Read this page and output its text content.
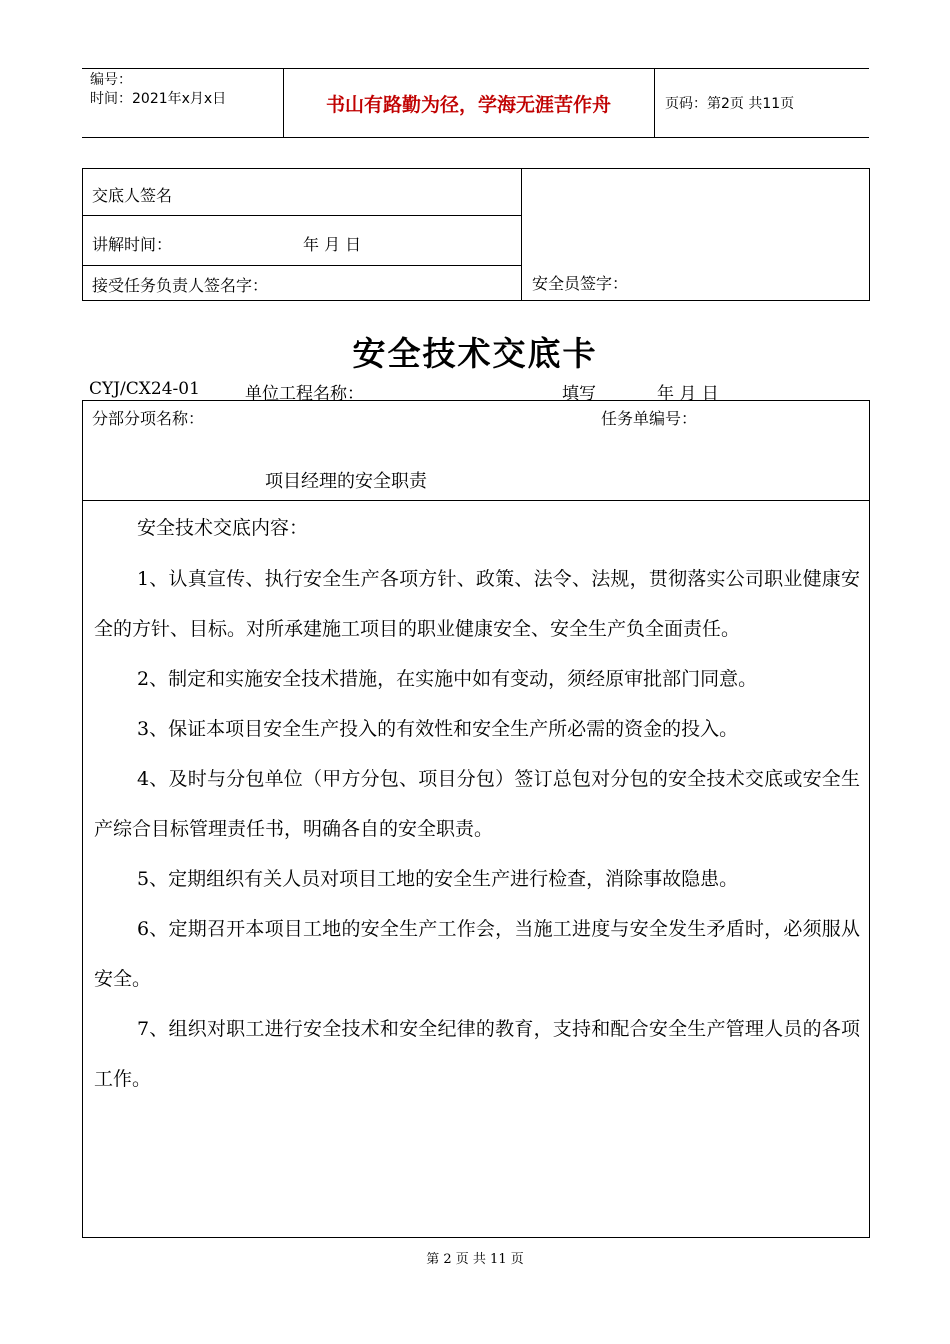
编号：
时间：2021年x月x日	书山有路勤为径，学海无涯苦作舟	页码：第2页 共11页
交底人签名
讲解时间：	年 月 日
接受任务负责人签名字：	安全员签字：
安全技术交底卡
CYJ/CX24-01	单位工程名称：	填写	年 月 日
分部分项名称：	任务单编号：
项目经理的安全职责

安全技术交底内容：

1、认真宣传、执行安全生产各项方针、政策、法令、法规，贯彻落实公司职业健康安全的方针、目标。对所承建施工项目的职业健康安全、安全生产负全面责任。

2、制定和实施安全技术措施，在实施中如有变动，须经原审批部门同意。

3、保证本项目安全生产投入的有效性和安全生产所必需的资金的投入。

4、及时与分包单位（甲方分包、项目分包）签订总包对分包的安全技术交底或安全生产综合目标管理责任书，明确各自的安全职责。

5、定期组织有关人员对项目工地的安全生产进行检查，消除事故隐患。

6、定期召开本项目工地的安全生产工作会，当施工进度与安全发生矛盾时，必须服从安全。

7、组织对职工进行安全技术和安全纪律的教育，支持和配合安全生产管理人员的各项工作。

第 2 页 共 11 页
